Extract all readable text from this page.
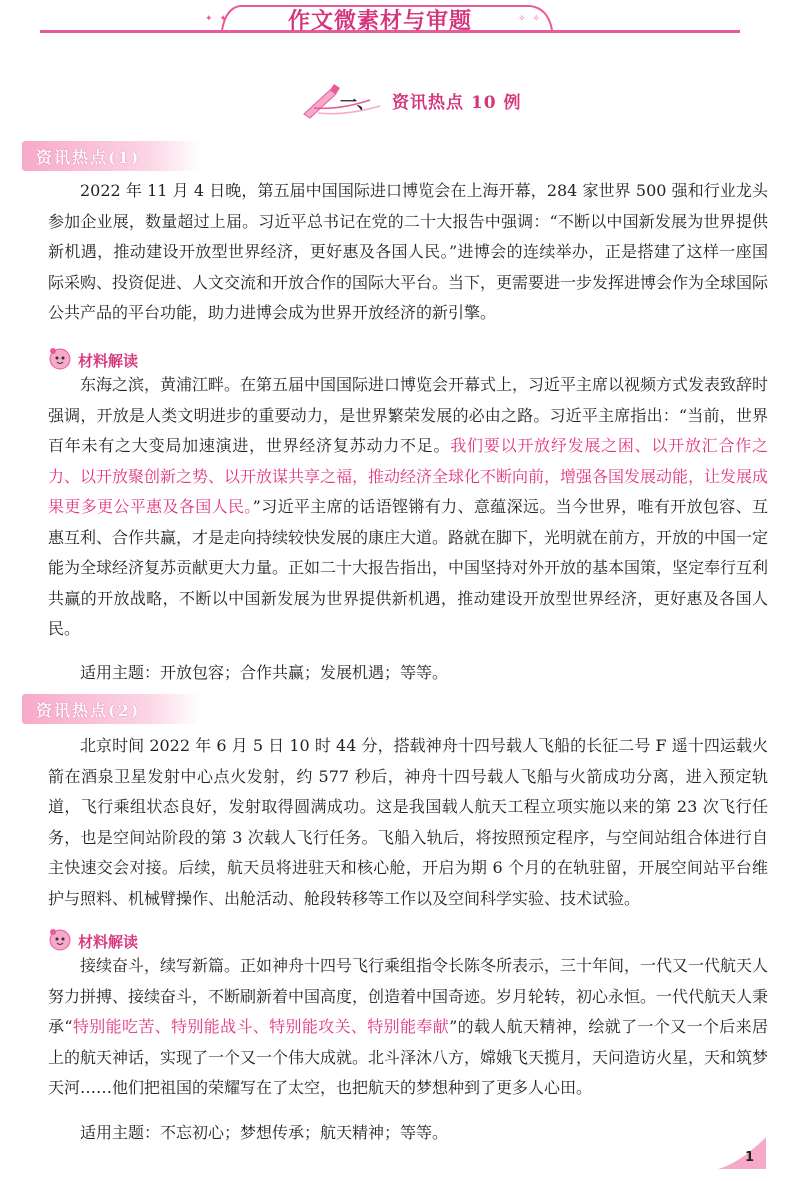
✦ ✦	作文微素材与审题	✧ ✧
一、 资讯热点 10 例
资讯热点(1)

2022 年 11 月 4 日晚，第五届中国国际进口博览会在上海开幕，284 家世界 500 强和行业龙头参加企业展，数量超过上届。习近平总书记在党的二十大报告中强调：“不断以中国新发展为世界提供新机遇，推动建设开放型世界经济，更好惠及各国人民。”进博会的连续举办，正是搭建了这样一座国际采购、投资促进、人文交流和开放合作的国际大平台。当下，更需要进一步发挥进博会作为全球国际公共产品的平台功能，助力进博会成为世界开放经济的新引擎。

材料解读

东海之滨，黄浦江畔。在第五届中国国际进口博览会开幕式上，习近平主席以视频方式发表致辞时强调，开放是人类文明进步的重要动力，是世界繁荣发展的必由之路。习近平主席指出：“当前，世界百年未有之大变局加速演进，世界经济复苏动力不足。我们要以开放纾发展之困、以开放汇合作之力、以开放聚创新之势、以开放谋共享之福，推动经济全球化不断向前，增强各国发展动能，让发展成果更多更公平惠及各国人民。”习近平主席的话语铿锵有力、意蕴深远。当今世界，唯有开放包容、互惠互利、合作共赢，才是走向持续较快发展的康庄大道。路就在脚下，光明就在前方，开放的中国一定能为全球经济复苏贡献更大力量。正如二十大报告指出，中国坚持对外开放的基本国策，坚定奉行互利共赢的开放战略，不断以中国新发展为世界提供新机遇，推动建设开放型世界经济，更好惠及各国人民。

适用主题：开放包容；合作共赢；发展机遇；等等。

资讯热点(2)

北京时间 2022 年 6 月 5 日 10 时 44 分，搭载神舟十四号载人飞船的长征二号 F 遥十四运载火箭在酒泉卫星发射中心点火发射，约 577 秒后，神舟十四号载人飞船与火箭成功分离，进入预定轨道，飞行乘组状态良好，发射取得圆满成功。这是我国载人航天工程立项实施以来的第 23 次飞行任务，也是空间站阶段的第 3 次载人飞行任务。飞船入轨后，将按照预定程序，与空间站组合体进行自主快速交会对接。后续，航天员将进驻天和核心舱，开启为期 6 个月的在轨驻留，开展空间站平台维护与照料、机械臂操作、出舱活动、舱段转移等工作以及空间科学实验、技术试验。

材料解读

接续奋斗，续写新篇。正如神舟十四号飞行乘组指令长陈冬所表示，三十年间，一代又一代航天人努力拼搏、接续奋斗，不断刷新着中国高度，创造着中国奇迹。岁月轮转，初心永恒。一代代航天人秉承“特别能吃苦、特别能战斗、特别能攻关、特别能奉献”的载人航天精神，绘就了一个又一个后来居上的航天神话，实现了一个又一个伟大成就。北斗泽沐八方，嫦娥飞天揽月，天问造访火星，天和筑梦天河……他们把祖国的荣耀写在了太空，也把航天的梦想种到了更多人心田。

适用主题：不忘初心；梦想传承；航天精神；等等。

1
